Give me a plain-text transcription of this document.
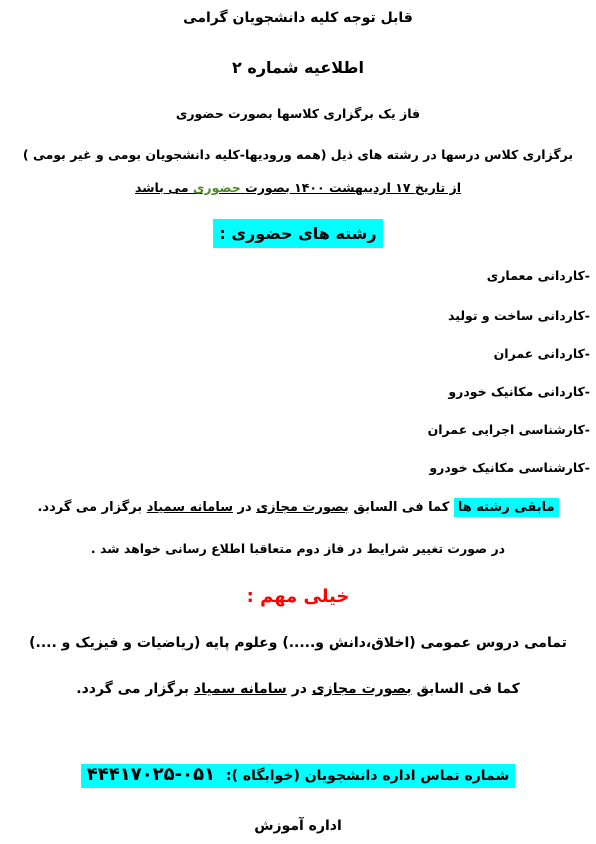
قابل توجه کلیه دانشجویان گرامی
اطلاعیه شماره ۲
فاز یک برگزاری کلاسها بصورت حضوری
برگزاری کلاس درسها در رشته های ذیل (همه ورودیها-کلیه دانشجویان بومی و غیر بومی )
از تاریخ ۱۷ اردیبهشت ۱۴۰۰ بصورت حضوری می باشد
رشته های حضوری :
-کاردانی معماری
-کاردانی ساخت و تولید
-کاردانی عمران
-کاردانی مکانیک خودرو
-کارشناسی اجرایی عمران
-کارشناسی مکانیک خودرو
مابقی رشته ها کما فی السابق بصورت مجازی در سامانه سمیاد برگزار می گردد.
در صورت تغییر شرایط در فاز دوم متعاقبا اطلاع رسانی خواهد شد .
خیلی مهم :
تمامی دروس عمومی (اخلاق،دانش و.....) وعلوم پایه (ریاضیات و فیزیک و ....)
کما فی السابق بصورت مجازی در سامانه سمیاد برگزار می گردد.
شماره تماس اداره دانشجویان (خوابگاه ): ۰۵۱-۴۴۴۱۷۰۲۵
اداره آموزش
